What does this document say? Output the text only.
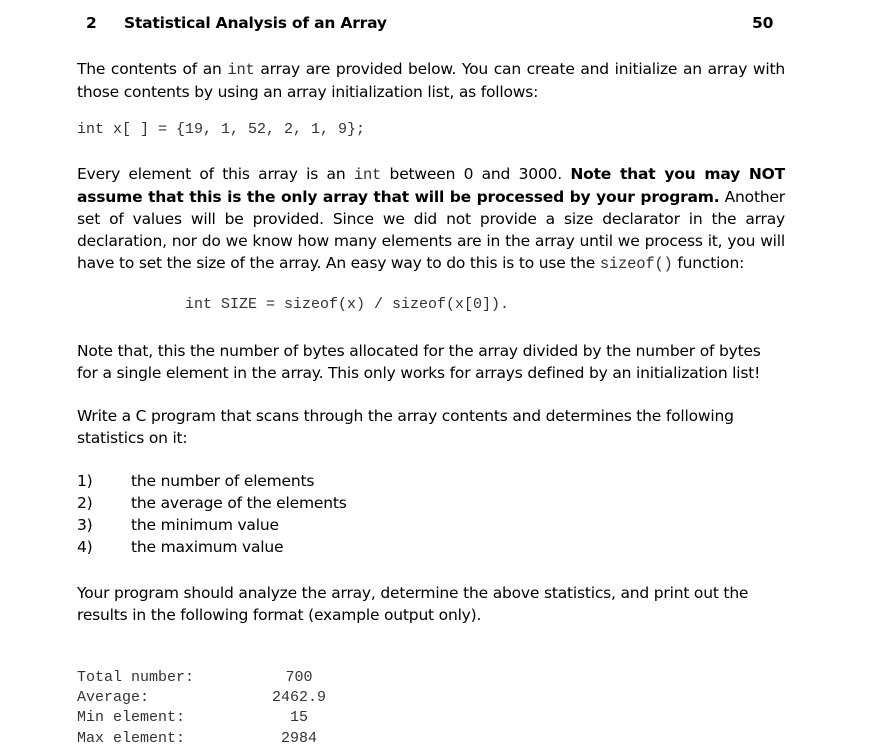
2 Statistical Analysis of an Array	50
The contents of an int array are provided below. You can create and initialize an array with those contents by using an array initialization list, as follows:
int x[ ] = {19, 1, 52, 2, 1, 9};
Every element of this array is an int between 0 and 3000. Note that you may NOT assume that this is the only array that will be processed by your program. Another set of values will be provided. Since we did not provide a size declarator in the array declaration, nor do we know how many elements are in the array until we process it, you will have to set the size of the array. An easy way to do this is to use the sizeof() function:
int SIZE = sizeof(x) / sizeof(x[0]).
Note that, this the number of bytes allocated for the array divided by the number of bytes for a single element in the array. This only works for arrays defined by an initialization list!
Write a C program that scans through the array contents and determines the following statistics on it:
1) the number of elements
2) the average of the elements
3) the minimum value
4) the maximum value
Your program should analyze the array, determine the above statistics, and print out the results in the following format (example output only).
Total number:	700
Average:	2462.9
Min element:	15
Max element:	2984
